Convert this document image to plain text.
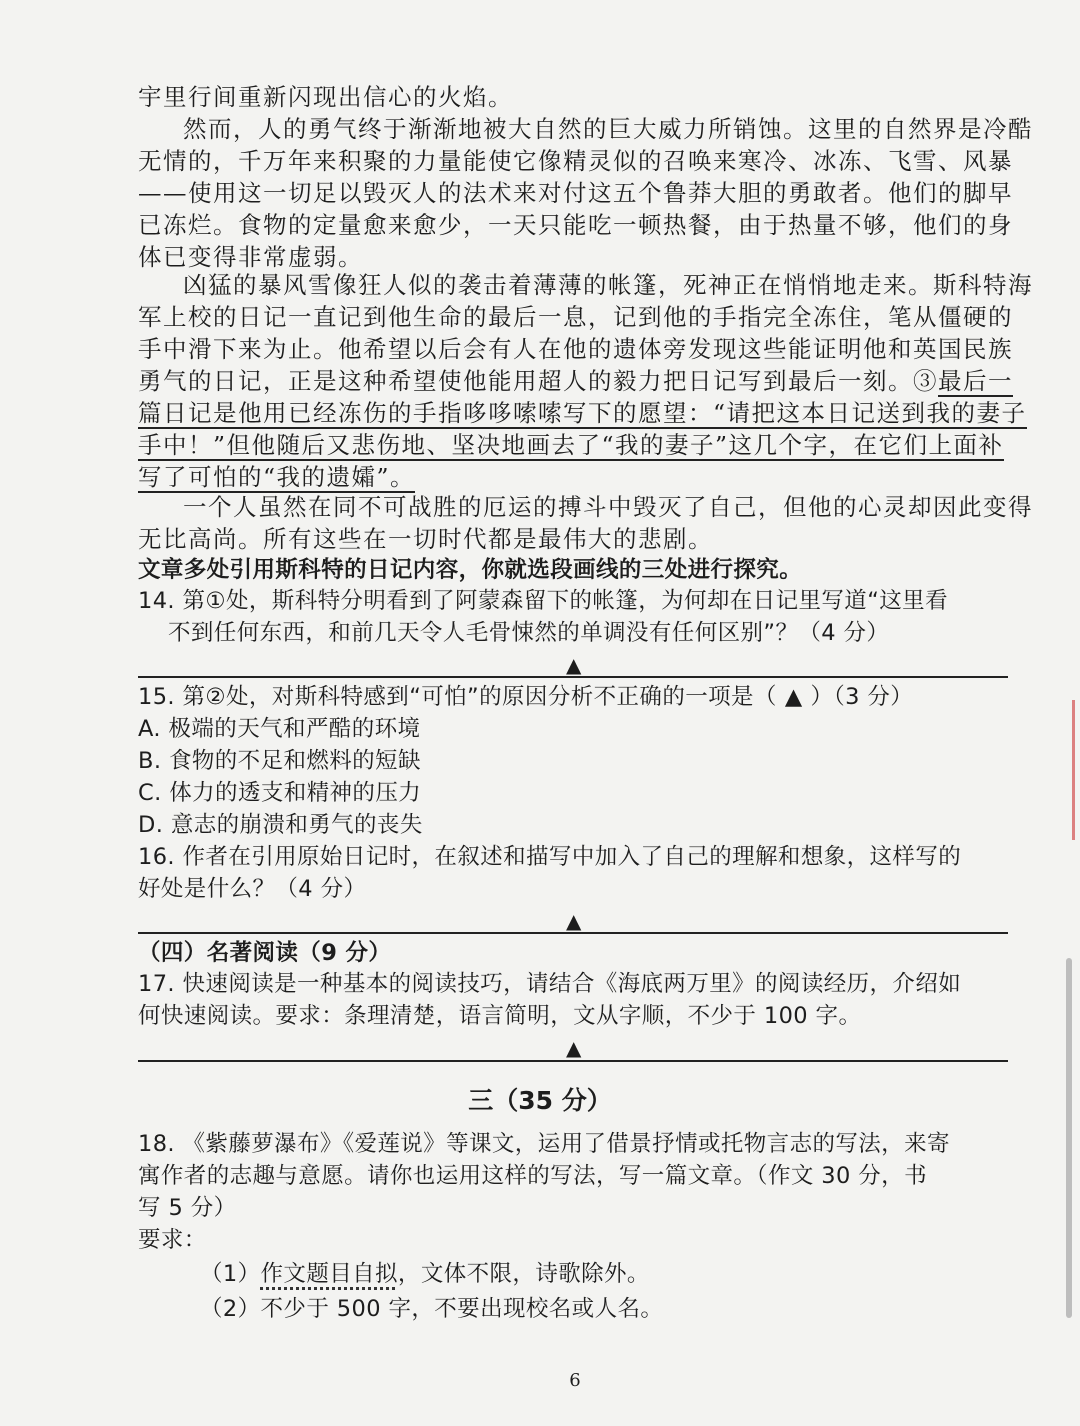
宇里行间重新闪现出信心的火焰。
然而，人的勇气终于渐渐地被大自然的巨大威力所销蚀。这里的自然界是冷酷
无情的，千万年来积聚的力量能使它像精灵似的召唤来寒冷、冰冻、飞雪、风暴
——使用这一切足以毁灭人的法术来对付这五个鲁莽大胆的勇敢者。他们的脚早
已冻烂。食物的定量愈来愈少，一天只能吃一顿热餐，由于热量不够，他们的身
体已变得非常虚弱。
凶猛的暴风雪像狂人似的袭击着薄薄的帐篷，死神正在悄悄地走来。斯科特海
军上校的日记一直记到他生命的最后一息，记到他的手指完全冻住，笔从僵硬的
手中滑下来为止。他希望以后会有人在他的遗体旁发现这些能证明他和英国民族
勇气的日记，正是这种希望使他能用超人的毅力把日记写到最后一刻。③最后一
篇日记是他用已经冻伤的手指哆哆嗦嗦写下的愿望：“请把这本日记送到我的妻子
手中！”但他随后又悲伤地、坚决地画去了“我的妻子”这几个字，在它们上面补
写了可怕的“我的遗孀”。
一个人虽然在同不可战胜的厄运的搏斗中毁灭了自己，但他的心灵却因此变得
无比高尚。所有这些在一切时代都是最伟大的悲剧。
文章多处引用斯科特的日记内容，你就选段画线的三处进行探究。
14. 第①处，斯科特分明看到了阿蒙森留下的帐篷，为何却在日记里写道“这里看
不到任何东西，和前几天令人毛骨悚然的单调没有任何区别”？（4 分）
▲
15. 第②处，对斯科特感到“可怕”的原因分析不正确的一项是（ ▲ ）（3 分）
A. 极端的天气和严酷的环境
B. 食物的不足和燃料的短缺
C. 体力的透支和精神的压力
D. 意志的崩溃和勇气的丧失
16. 作者在引用原始日记时，在叙述和描写中加入了自己的理解和想象，这样写的
好处是什么？（4 分）
▲
（四）名著阅读（9 分）
17. 快速阅读是一种基本的阅读技巧，请结合《海底两万里》的阅读经历，介绍如
何快速阅读。要求：条理清楚，语言简明，文从字顺，不少于 100 字。
▲
三（35 分）
18. 《紫藤萝瀑布》《爱莲说》等课文，运用了借景抒情或托物言志的写法，来寄
寓作者的志趣与意愿。请你也运用这样的写法，写一篇文章。（作文 30 分，书
写 5 分）
要求：
（1）作文题目自拟，文体不限，诗歌除外。
（2）不少于 500 字，不要出现校名或人名。
6
